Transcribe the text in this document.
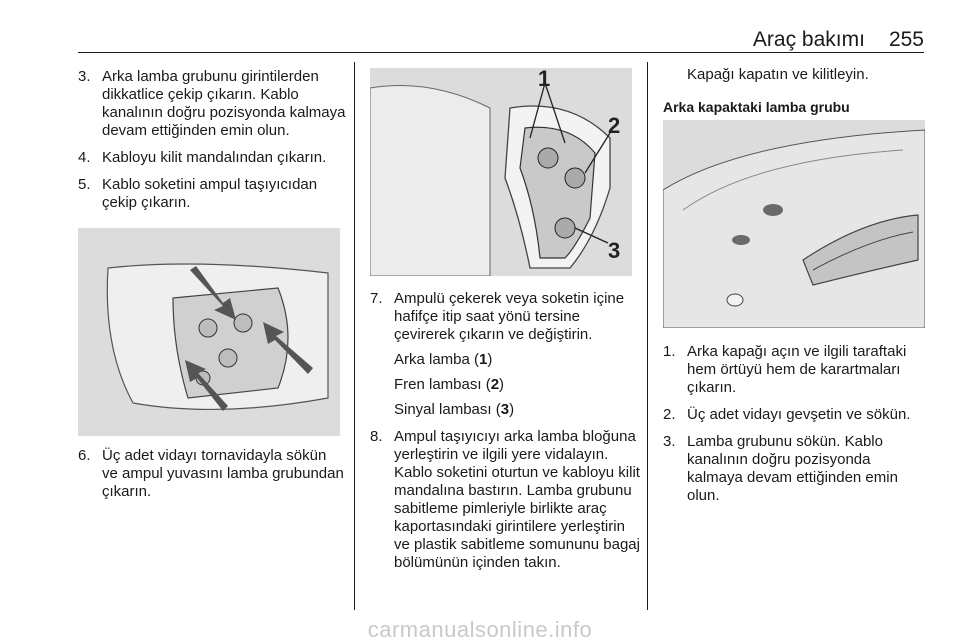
Araç bakımı 255
3. Arka lamba grubunu girintilerden dikkatlice çekip çıkarın. Kablo kanalının doğru pozisyonda kalmaya devam ettiğinden emin olun.
4. Kabloyu kilit mandalından çıkarın.
5. Kablo soketini ampul taşıyıcıdan çekip çıkarın.
6. Üç adet vidayı tornavidayla sökün ve ampul yuvasını lamba grubundan çıkarın.
1
2
3
7. Ampulü çekerek veya soketin içine hafifçe itip saat yönü tersine çevirerek çıkarın ve değiştirin.
Arka lamba (1)
Fren lambası (2)
Sinyal lambası (3)
8. Ampul taşıyıcıyı arka lamba bloğuna yerleştirin ve ilgili yere vidalayın. Kablo soketini oturtun ve kabloyu kilit mandalına bastırın. Lamba grubunu sabitleme pimleriyle birlikte araç kaportasındaki girintilere yerleştirin ve plastik sabitleme somununu bagaj bölümünün içinden takın.
Kapağı kapatın ve kilitleyin.
Arka kapaktaki lamba grubu
1. Arka kapağı açın ve ilgili taraftaki hem örtüyü hem de karartmaları çıkarın.
2. Üç adet vidayı gevşetin ve sökün.
3. Lamba grubunu sökün. Kablo kanalının doğru pozisyonda kalmaya devam ettiğinden emin olun.
carmanualsonline.info
